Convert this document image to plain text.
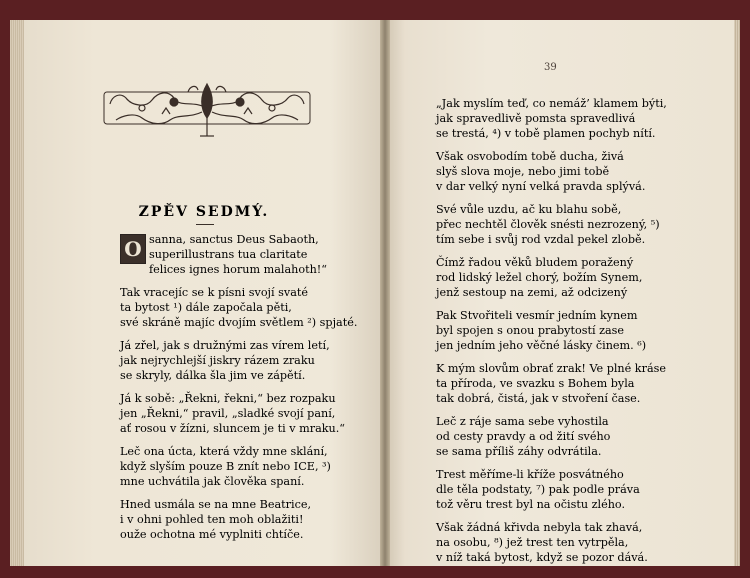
ZPĚV SEDMÝ.

O sanna, sanctus Deus Sabaoth,
superillustrans tua claritate
felices ignes horum malahoth!“

Tak vracejíc se k písni svojí svaté
ta bytost ¹) dále započala pěti,
své skráně majíc dvojím světlem ²) spjaté.

Já zřel, jak s družnými zas vírem letí,
jak nejrychlejší jiskry rázem zraku
se skryly, dálka šla jim ve zápětí.

Já k sobě: „Řekni, řekni,“ bez rozpaku
jen „Řekni,“ pravil, „sladké svojí paní,
ať rosou v žízni, sluncem je ti v mraku.“

Leč ona úcta, která vždy mne sklání,
když slyším pouze B znít nebo ICE, ³)
mne uchvátila jak člověka spaní.

Hned usmála se na mne Beatrice,
i v ohni pohled ten moh oblažiti!
ouže ochotna mé vyplniti chtíče.

39

„Jak myslím teď, co nemáž’ klamem býti,
jak spravedlivě pomsta spravedlivá
se trestá, ⁴) v tobě plamen pochyb nítí.

Však osvobodím tobě ducha, živá
slyš slova moje, nebo jimi tobě
v dar velký nyní velká pravda splývá.

Své vůle uzdu, ač ku blahu sobě,
přec nechtěl člověk snésti nezrozený, ⁵)
tím sebe i svůj rod vzdal pekel zlobě.

Čímž řadou věků bludem poražený
rod lidský ležel chorý, božím Synem,
jenž sestoup na zemi, až odcizený

Pak Stvořiteli vesmír jedním kynem
byl spojen s onou prabytostí zase
jen jedním jeho věčné lásky činem. ⁶)

K mým slovům obrať zrak! Ve plné kráse
ta příroda, ve svazku s Bohem byla
tak dobrá, čistá, jak v stvoření čase.

Leč z ráje sama sebe vyhostila
od cesty pravdy a od žití svého
se sama příliš záhy odvrátila.

Trest měříme-li kříže posvátného
dle těla podstaty, ⁷) pak podle práva
tož věru trest byl na očistu zlého.

Však žádná křivda nebyla tak zhavá,
na osobu, ⁸) jež trest ten vytrpěla,
v níž taká bytost, když se pozor dává.
